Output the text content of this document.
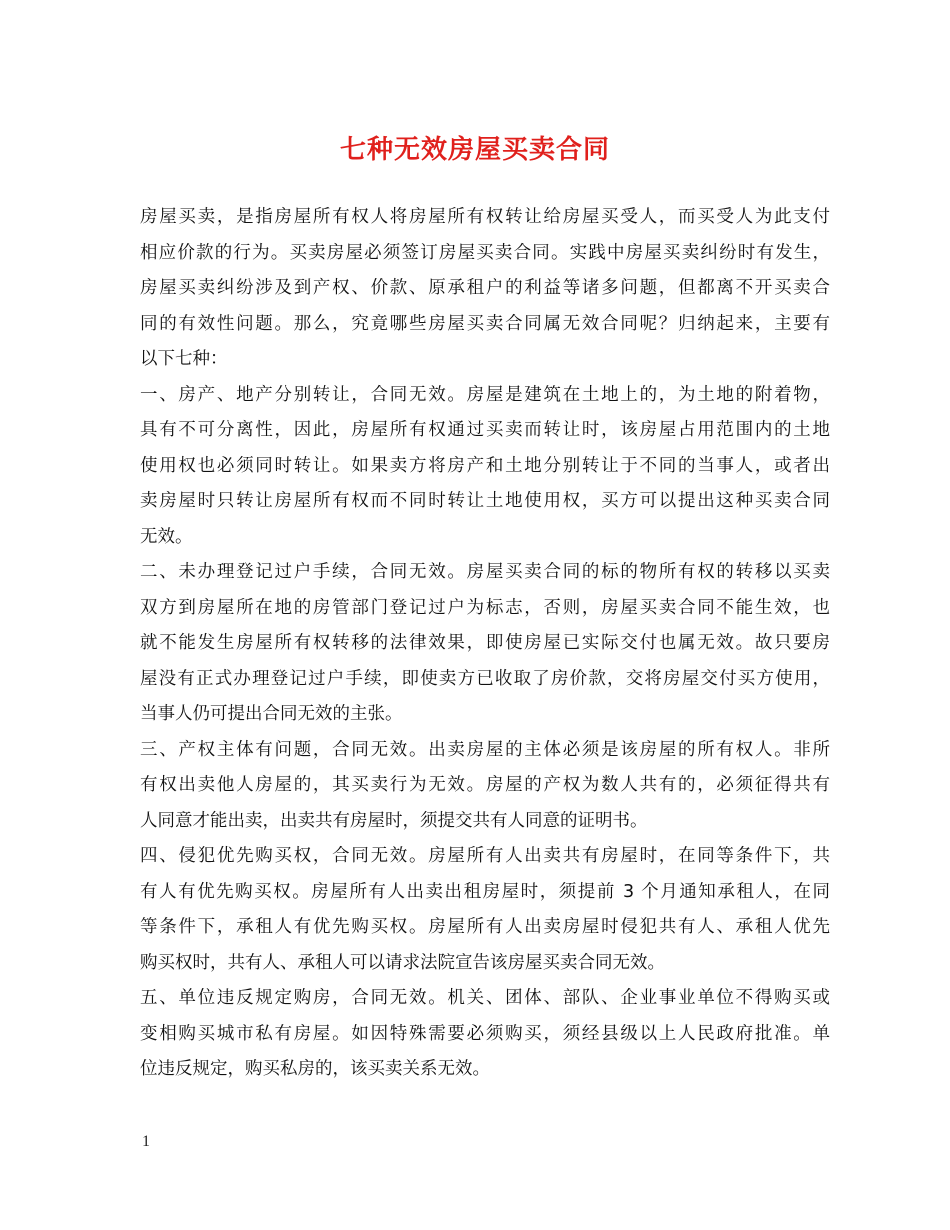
七种无效房屋买卖合同
房屋买卖，是指房屋所有权人将房屋所有权转让给房屋买受人，而买受人为此支付
相应价款的行为。买卖房屋必须签订房屋买卖合同。实践中房屋买卖纠纷时有发生，
房屋买卖纠纷涉及到产权、价款、原承租户的利益等诸多问题，但都离不开买卖合
同的有效性问题。那么，究竟哪些房屋买卖合同属无效合同呢？归纳起来，主要有
以下七种：
一、房产、地产分别转让，合同无效。房屋是建筑在土地上的，为土地的附着物，
具有不可分离性，因此，房屋所有权通过买卖而转让时，该房屋占用范围内的土地
使用权也必须同时转让。如果卖方将房产和土地分别转让于不同的当事人，或者出
卖房屋时只转让房屋所有权而不同时转让土地使用权，买方可以提出这种买卖合同
无效。
二、未办理登记过户手续，合同无效。房屋买卖合同的标的物所有权的转移以买卖
双方到房屋所在地的房管部门登记过户为标志，否则，房屋买卖合同不能生效，也
就不能发生房屋所有权转移的法律效果，即使房屋已实际交付也属无效。故只要房
屋没有正式办理登记过户手续，即使卖方已收取了房价款，交将房屋交付买方使用，
当事人仍可提出合同无效的主张。
三、产权主体有问题，合同无效。出卖房屋的主体必须是该房屋的所有权人。非所
有权出卖他人房屋的，其买卖行为无效。房屋的产权为数人共有的，必须征得共有
人同意才能出卖，出卖共有房屋时，须提交共有人同意的证明书。
四、侵犯优先购买权，合同无效。房屋所有人出卖共有房屋时，在同等条件下，共
有人有优先购买权。房屋所有人出卖出租房屋时，须提前 3 个月通知承租人，在同
等条件下，承租人有优先购买权。房屋所有人出卖房屋时侵犯共有人、承租人优先
购买权时，共有人、承租人可以请求法院宣告该房屋买卖合同无效。
五、单位违反规定购房，合同无效。机关、团体、部队、企业事业单位不得购买或
变相购买城市私有房屋。如因特殊需要必须购买，须经县级以上人民政府批准。单
位违反规定，购买私房的，该买卖关系无效。
1
